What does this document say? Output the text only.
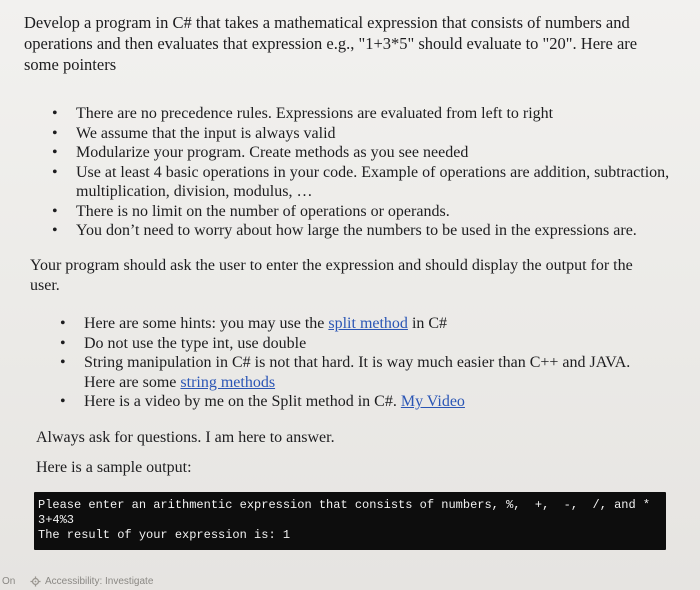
Develop a program in C# that takes a mathematical expression that consists of numbers and operations and then evaluates that expression e.g., "1+3*5" should evaluate to "20". Here are some pointers
• There are no precedence rules. Expressions are evaluated from left to right
• We assume that the input is always valid
• Modularize your program. Create methods as you see needed
• Use at least 4 basic operations in your code. Example of operations are addition, subtraction, multiplication, division, modulus, …
• There is no limit on the number of operations or operands.
• You don’t need to worry about how large the numbers to be used in the expressions are.
Your program should ask the user to enter the expression and should display the output for the user.
• Here are some hints: you may use the split method in C#
• Do not use the type int, use double
• String manipulation in C# is not that hard. It is way much easier than C++ and JAVA. Here are some string methods
• Here is a video by me on the Split method in C#. My Video
Always ask for questions. I am here to answer.
Here is a sample output:
Please enter an arithmentic expression that consists of numbers, %,  +,  -,  /, and *
3+4%3
The result of your expression is: 1
On	Accessibility: Investigate
